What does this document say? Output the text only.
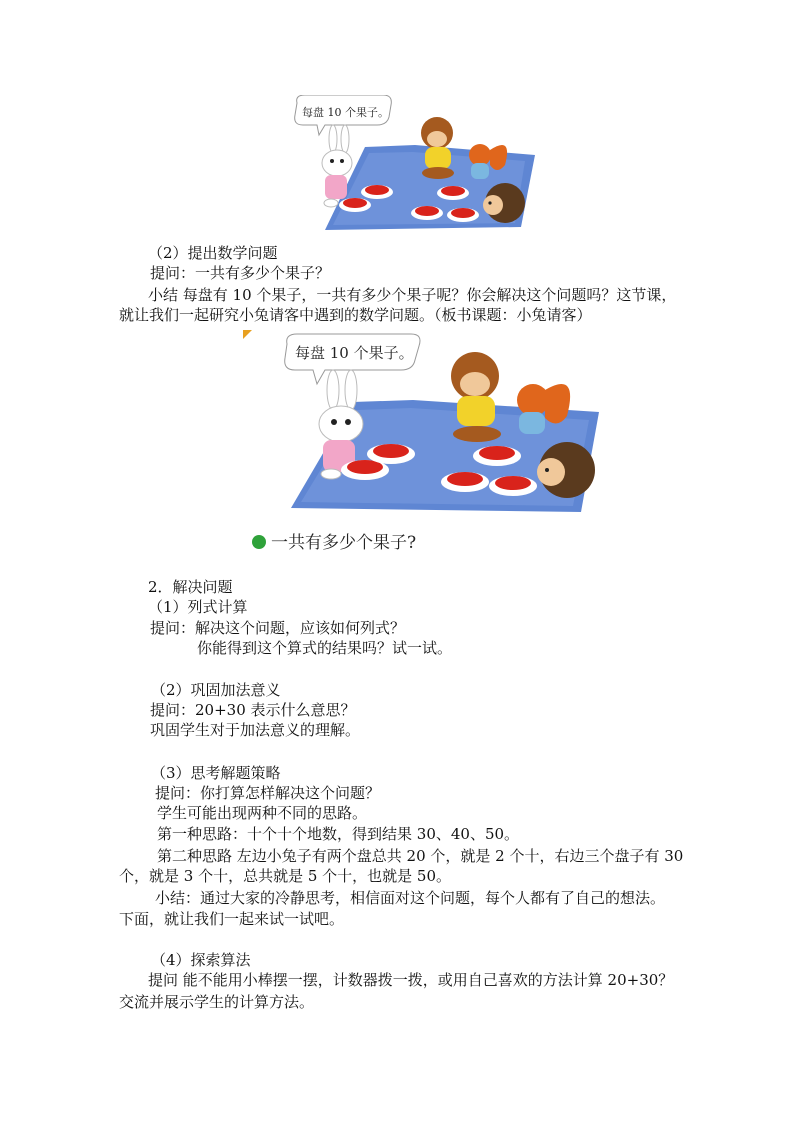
每盘 10 个果子。
（2）提出数学问题
提问：一共有多少个果子？
小结 每盘有 10 个果子，一共有多少个果子呢？你会解决这个问题吗？这节课，
就让我们一起研究小兔请客中遇到的数学问题。（板书课题：小兔请客）
每盘 10 个果子。
一共有多少个果子?
2．解决问题
（1）列式计算
提问：解决这个问题，应该如何列式？
你能得到这个算式的结果吗？试一试。
（2）巩固加法意义
提问：20+30 表示什么意思？
巩固学生对于加法意义的理解。
（3）思考解题策略
提问：你打算怎样解决这个问题？
学生可能出现两种不同的思路。
第一种思路：十个十个地数，得到结果 30、40、50。
第二种思路 左边小兔子有两个盘总共 20 个，就是 2 个十，右边三个盘子有 30
个，就是 3 个十，总共就是 5 个十，也就是 50。
小结：通过大家的冷静思考，相信面对这个问题，每个人都有了自己的想法。
下面，就让我们一起来试一试吧。
（4）探索算法
提问 能不能用小棒摆一摆，计数器拨一拨，或用自己喜欢的方法计算 20+30？
交流并展示学生的计算方法。
